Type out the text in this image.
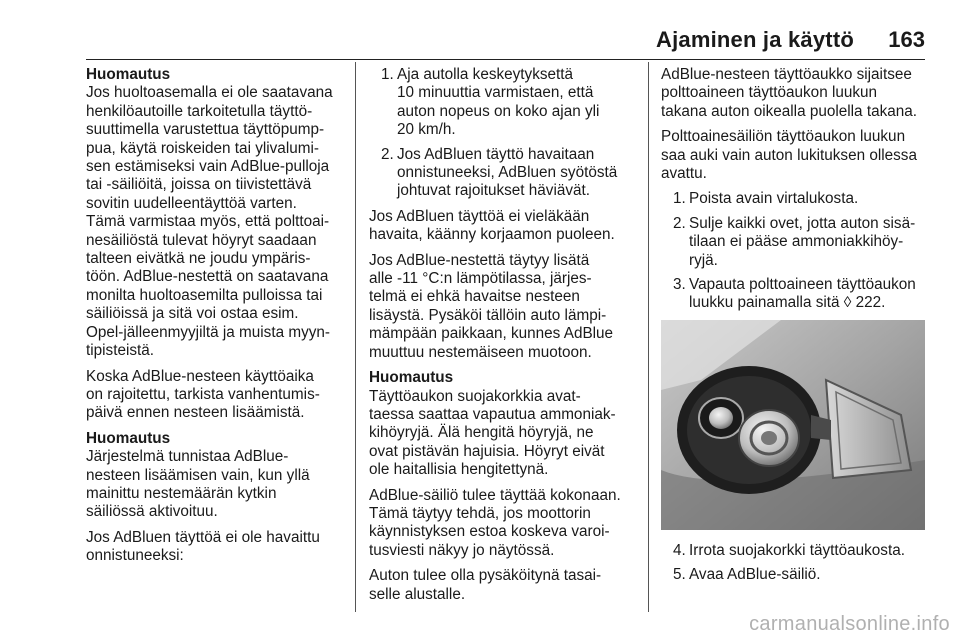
Ajaminen ja käyttö 163
Huomautus
Jos huoltoasemalla ei ole saatavana
henkilöautoille tarkoitetulla täyttö-
suuttimella varustettua täyttöpump-
pua, käytä roiskeiden tai ylivalumi-
sen estämiseksi vain AdBlue-pulloja
tai -säiliöitä, joissa on tiivistettävä
sovitin uudelleentäyttöä varten.
Tämä varmistaa myös, että polttoai-
nesäiliöstä tulevat höyryt saadaan
talteen eivätkä ne joudu ympäris-
töön. AdBlue-nestettä on saatavana
monilta huoltoasemilta pulloissa tai
säiliöissä ja sitä voi ostaa esim.
Opel-jälleenmyyjiltä ja muista myyn-
tipisteistä.
Koska AdBlue-nesteen käyttöaika
on rajoitettu, tarkista vanhentumis-
päivä ennen nesteen lisäämistä.
Huomautus
Järjestelmä tunnistaa AdBlue-
nesteen lisäämisen vain, kun yllä
mainittu nestemäärän kytkin
säiliössä aktivoituu.
Jos AdBluen täyttöä ei ole havaittu
onnistuneeksi:
1. Aja autolla keskeytyksettä
10 minuuttia varmistaen, että
auton nopeus on koko ajan yli
20 km/h.
2. Jos AdBluen täyttö havaitaan
onnistuneeksi, AdBluen syötöstä
johtuvat rajoitukset häviävät.
Jos AdBluen täyttöä ei vieläkään
havaita, käänny korjaamon puoleen.
Jos AdBlue-nestettä täytyy lisätä
alle -11 °C:n lämpötilassa, järjes-
telmä ei ehkä havaitse nesteen
lisäystä. Pysäköi tällöin auto lämpi-
mämpään paikkaan, kunnes AdBlue
muuttuu nestemäiseen muotoon.
Huomautus
Täyttöaukon suojakorkkia avat-
taessa saattaa vapautua ammoniak-
kihöyryjä. Älä hengitä höyryjä, ne
ovat pistävän hajuisia. Höyryt eivät
ole haitallisia hengitettynä.
AdBlue-säiliö tulee täyttää kokonaan.
Tämä täytyy tehdä, jos moottorin
käynnistyksen estoa koskeva varoi-
tusviesti näkyy jo näytössä.
Auton tulee olla pysäköitynä tasai-
selle alustalle.
AdBlue-nesteen täyttöaukko sijaitsee
polttoaineen täyttöaukon luukun
takana auton oikealla puolella takana.
Polttoainesäiliön täyttöaukon luukun
saa auki vain auton lukituksen ollessa
avattu.
1. Poista avain virtalukosta.
2. Sulje kaikki ovet, jotta auton sisä-
tilaan ei pääse ammoniakkihöy-
ryjä.
3. Vapauta polttoaineen täyttöaukon
luukku painamalla sitä ◊ 222.
4. Irrota suojakorkki täyttöaukosta.
5. Avaa AdBlue-säiliö.
carmanualsonline.info
